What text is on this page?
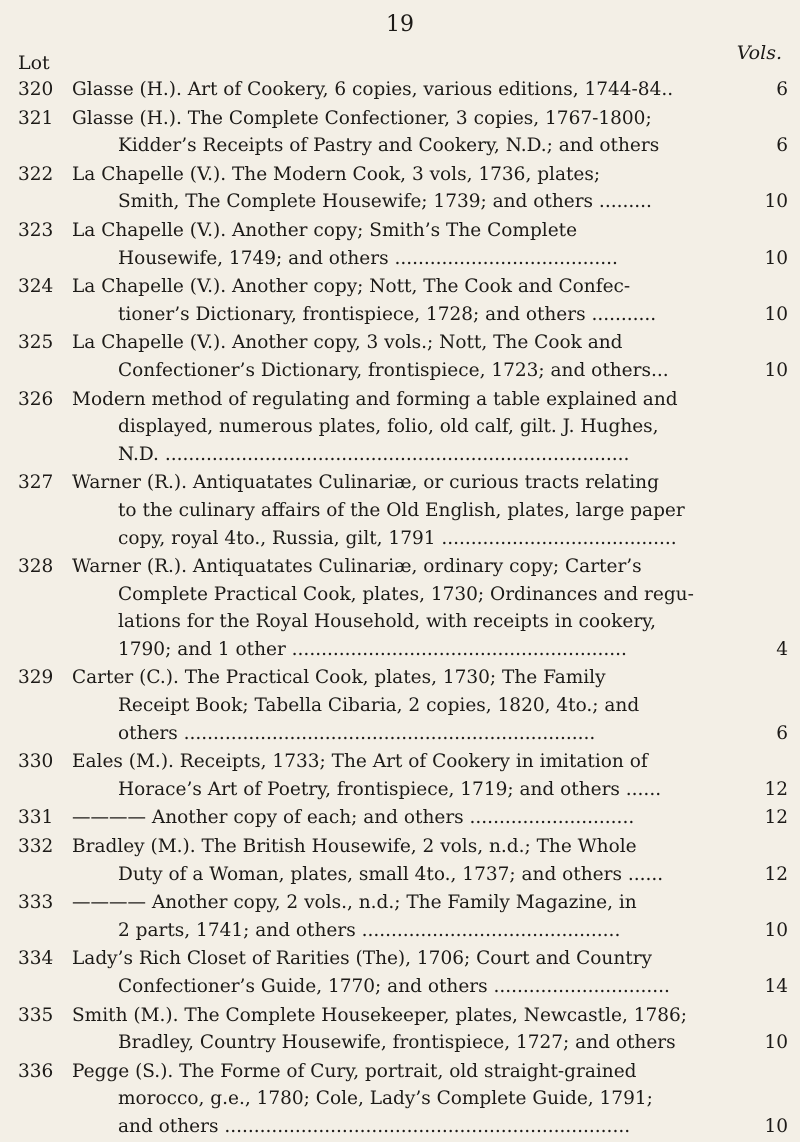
19
Lot	Vols.
320	Glasse (H.). Art of Cookery, 6 copies, various editions, 1744-84..	6
321	Glasse (H.). The Complete Confectioner, 3 copies, 1767-1800;
Kidder’s Receipts of Pastry and Cookery, N.D.; and others	6
322	La Chapelle (V.). The Modern Cook, 3 vols, 1736, plates;
Smith, The Complete Housewife; 1739; and others .........	10
323	La Chapelle (V.). Another copy; Smith’s The Complete
Housewife, 1749; and others ......................................	10
324	La Chapelle (V.). Another copy; Nott, The Cook and Confec-
tioner’s Dictionary, frontispiece, 1728; and others ...........	10
325	La Chapelle (V.). Another copy, 3 vols.; Nott, The Cook and
Confectioner’s Dictionary, frontispiece, 1723; and others...	10
326	Modern method of regulating and forming a table explained and
displayed, numerous plates, folio, old calf, gilt. J. Hughes,
N.D. ...............................................................................
327	Warner (R.). Antiquatates Culinariæ, or curious tracts relating
to the culinary affairs of the Old English, plates, large paper
copy, royal 4to., Russia, gilt, 1791 ........................................
328	Warner (R.). Antiquatates Culinariæ, ordinary copy; Carter’s
Complete Practical Cook, plates, 1730; Ordinances and regu-
lations for the Royal Household, with receipts in cookery,
1790; and 1 other .........................................................	4
329	Carter (C.). The Practical Cook, plates, 1730; The Family
Receipt Book; Tabella Cibaria, 2 copies, 1820, 4to.; and
others ......................................................................	6
330	Eales (M.). Receipts, 1733; The Art of Cookery in imitation of
Horace’s Art of Poetry, frontispiece, 1719; and others ......	12
331	———— Another copy of each; and others ............................	12
332	Bradley (M.). The British Housewife, 2 vols, n.d.; The Whole
Duty of a Woman, plates, small 4to., 1737; and others ......	12
333	———— Another copy, 2 vols., n.d.; The Family Magazine, in
2 parts, 1741; and others ............................................	10
334	Lady’s Rich Closet of Rarities (The), 1706; Court and Country
Confectioner’s Guide, 1770; and others ..............................	14
335	Smith (M.). The Complete Housekeeper, plates, Newcastle, 1786;
Bradley, Country Housewife, frontispiece, 1727; and others	10
336	Pegge (S.). The Forme of Cury, portrait, old straight-grained
morocco, g.e., 1780; Cole, Lady’s Complete Guide, 1791;
and others .....................................................................	10
